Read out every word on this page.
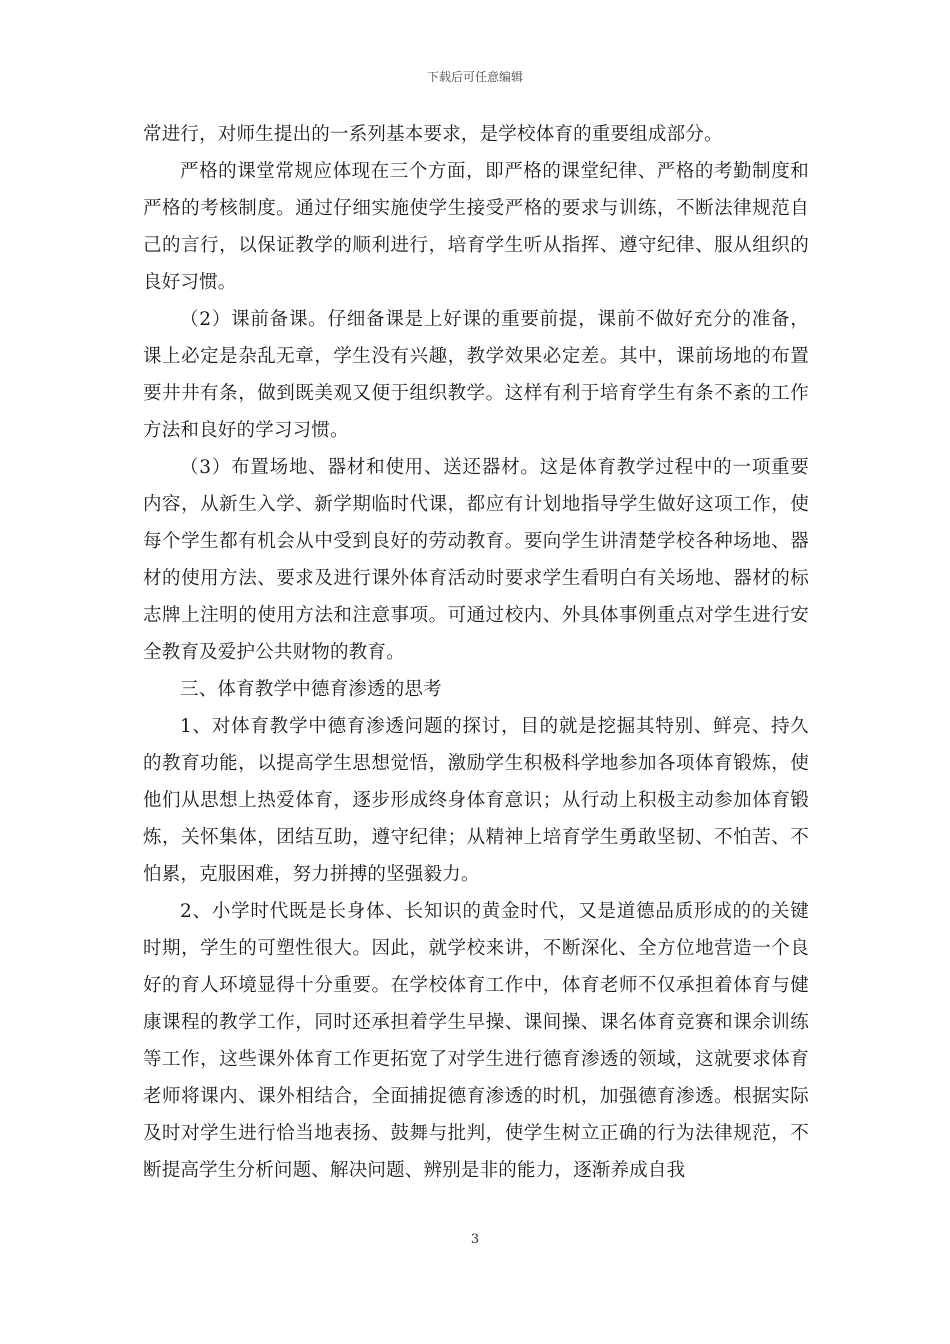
下载后可任意编辑

常进行，对师生提出的一系列基本要求，是学校体育的重要组成部分。

严格的课堂常规应体现在三个方面，即严格的课堂纪律、严格的考勤制度和严格的考核制度。通过仔细实施使学生接受严格的要求与训练，不断法律规范自己的言行，以保证教学的顺利进行，培育学生听从指挥、遵守纪律、服从组织的良好习惯。

（2）课前备课。仔细备课是上好课的重要前提，课前不做好充分的准备，课上必定是杂乱无章，学生没有兴趣，教学效果必定差。其中，课前场地的布置要井井有条，做到既美观又便于组织教学。这样有利于培育学生有条不紊的工作方法和良好的学习习惯。

（3）布置场地、器材和使用、送还器材。这是体育教学过程中的一项重要内容，从新生入学、新学期临时代课，都应有计划地指导学生做好这项工作，使每个学生都有机会从中受到良好的劳动教育。要向学生讲清楚学校各种场地、器材的使用方法、要求及进行课外体育活动时要求学生看明白有关场地、器材的标志牌上注明的使用方法和注意事项。可通过校内、外具体事例重点对学生进行安全教育及爱护公共财物的教育。

三、体育教学中德育渗透的思考

1、对体育教学中德育渗透问题的探讨，目的就是挖掘其特别、鲜亮、持久的教育功能，以提高学生思想觉悟，激励学生积极科学地参加各项体育锻炼，使他们从思想上热爱体育，逐步形成终身体育意识；从行动上积极主动参加体育锻炼，关怀集体，团结互助，遵守纪律；从精神上培育学生勇敢坚韧、不怕苦、不怕累，克服困难，努力拼搏的坚强毅力。

2、小学时代既是长身体、长知识的黄金时代，又是道德品质形成的的关键时期，学生的可塑性很大。因此，就学校来讲，不断深化、全方位地营造一个良好的育人环境显得十分重要。在学校体育工作中，体育老师不仅承担着体育与健康课程的教学工作，同时还承担着学生早操、课间操、课名体育竞赛和课余训练等工作，这些课外体育工作更拓宽了对学生进行德育渗透的领域，这就要求体育老师将课内、课外相结合，全面捕捉德育渗透的时机，加强德育渗透。根据实际及时对学生进行恰当地表扬、鼓舞与批判，使学生树立正确的行为法律规范，不断提高学生分析问题、解决问题、辨别是非的能力，逐渐养成自我

3
